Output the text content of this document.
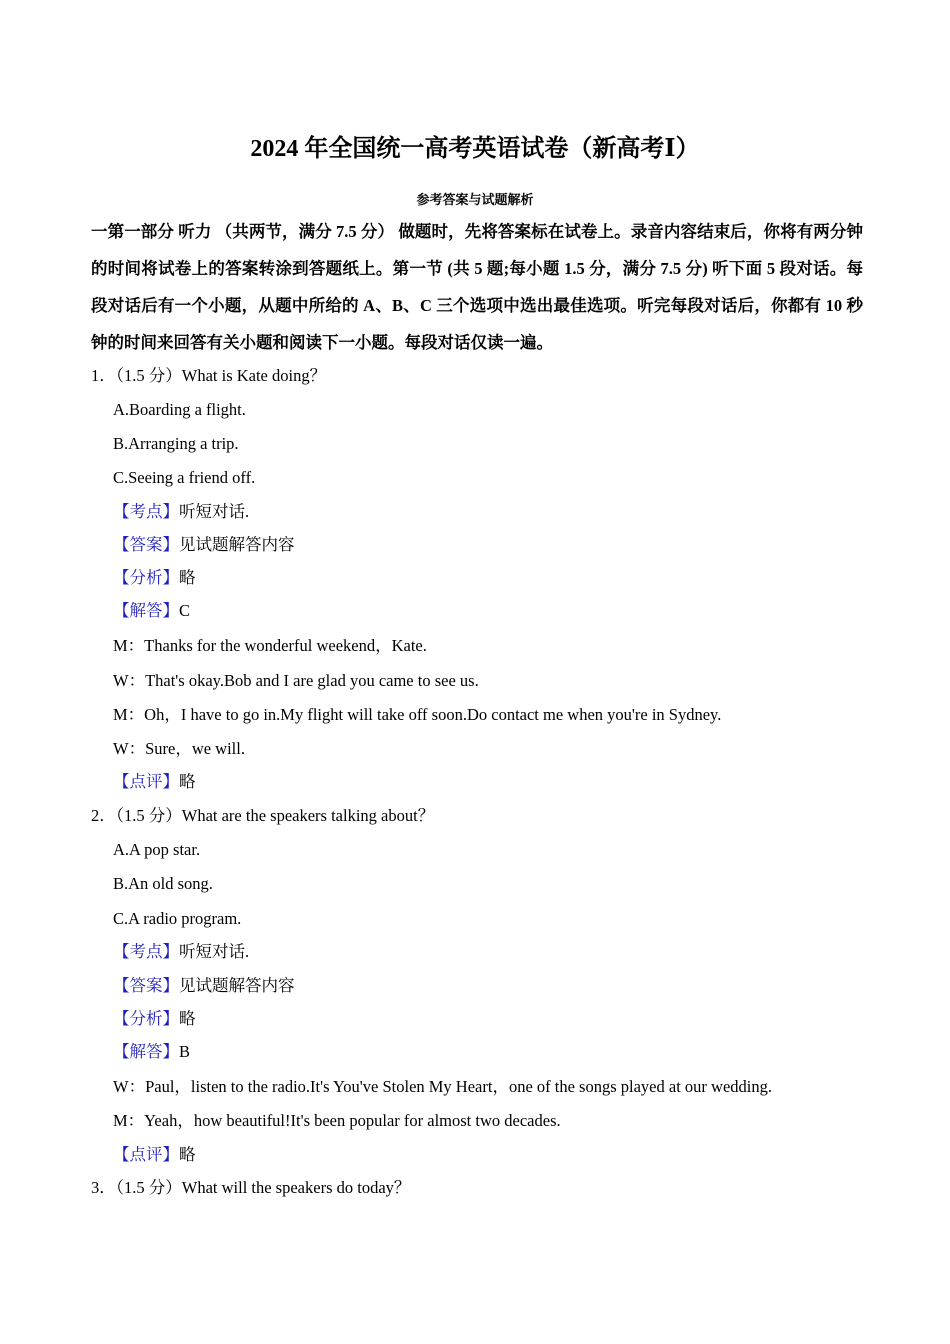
2024 年全国统一高考英语试卷（新高考Ⅰ）
参考答案与试题解析
一第一部分 听力 （共两节，满分 7.5 分） 做题时，先将答案标在试卷上。录音内容结束后，你将有两分钟的时间将试卷上的答案转涂到答题纸上。第一节 (共 5 题;每小题 1.5 分，满分 7.5 分) 听下面 5 段对话。每段对话后有一个小题，从题中所给的 A、B、C 三个选项中选出最佳选项。听完每段对话后，你都有 10 秒钟的时间来回答有关小题和阅读下一小题。每段对话仅读一遍。
1．（1.5 分）What is Kate doing？
A.Boarding a flight.
B.Arranging a trip.
C.Seeing a friend off.
【考点】听短对话.
【答案】见试题解答内容
【分析】略
【解答】C
M：Thanks for the wonderful weekend，Kate.
W：That's okay.Bob and I are glad you came to see us.
M：Oh，I have to go in.My flight will take off soon.Do contact me when you're in Sydney.
W：Sure，we will.
【点评】略
2．（1.5 分）What are the speakers talking about？
A.A pop star.
B.An old song.
C.A radio program.
【考点】听短对话.
【答案】见试题解答内容
【分析】略
【解答】B
W：Paul，listen to the radio.It's You've Stolen My Heart，one of the songs played at our wedding.
M：Yeah，how beautiful!It's been popular for almost two decades.
【点评】略
3．（1.5 分）What will the speakers do today？
